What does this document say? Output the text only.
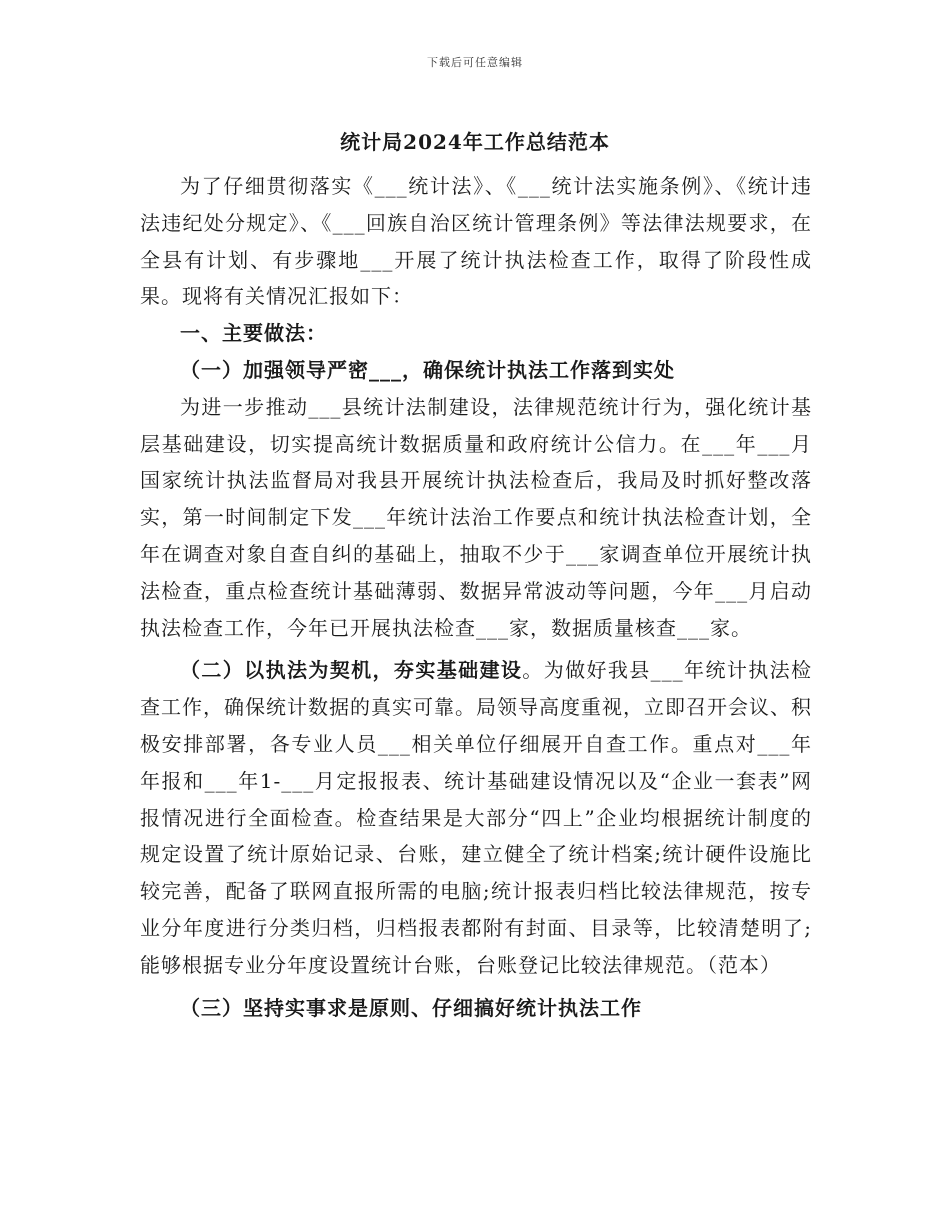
下载后可任意编辑
统计局2024年工作总结范本

为了仔细贯彻落实《___统计法》、《___统计法实施条例》、《统计违法违纪处分规定》、《___回族自治区统计管理条例》等法律法规要求，在全县有计划、有步骤地___开展了统计执法检查工作，取得了阶段性成果。现将有关情况汇报如下：

一、主要做法：

（一）加强领导严密___，确保统计执法工作落到实处

为进一步推动___县统计法制建设，法律规范统计行为，强化统计基层基础建设，切实提高统计数据质量和政府统计公信力。在___年___月国家统计执法监督局对我县开展统计执法检查后，我局及时抓好整改落实，第一时间制定下发___年统计法治工作要点和统计执法检查计划，全年在调查对象自查自纠的基础上，抽取不少于___家调查单位开展统计执法检查，重点检查统计基础薄弱、数据异常波动等问题，今年___月启动执法检查工作，今年已开展执法检查___家，数据质量核查___家。

（二）以执法为契机，夯实基础建设。为做好我县___年统计执法检查工作，确保统计数据的真实可靠。局领导高度重视，立即召开会议、积极安排部署，各专业人员___相关单位仔细展开自查工作。重点对___年年报和___年1-___月定报报表、统计基础建设情况以及“企业一套表”网报情况进行全面检查。检查结果是大部分“四上”企业均根据统计制度的规定设置了统计原始记录、台账，建立健全了统计档案;统计硬件设施比较完善，配备了联网直报所需的电脑;统计报表归档比较法律规范，按专业分年度进行分类归档，归档报表都附有封面、目录等，比较清楚明了;能够根据专业分年度设置统计台账，台账登记比较法律规范。（范本）

（三）坚持实事求是原则、仔细搞好统计执法工作
